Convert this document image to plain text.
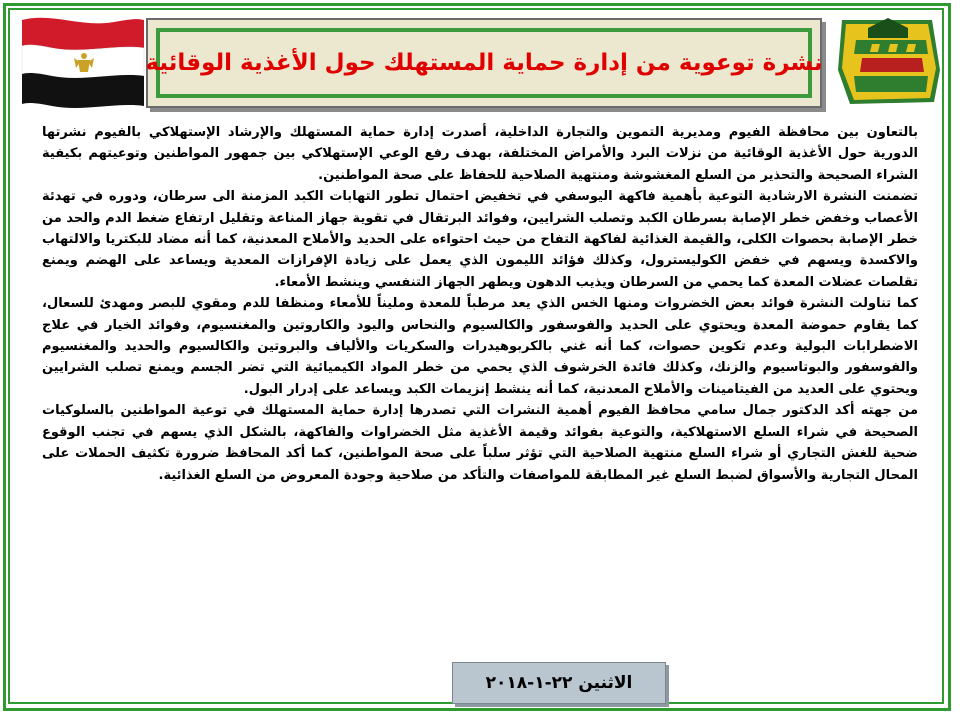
نشرة توعوية من إدارة حماية المستهلك حول الأغذية الوقائية

بالتعاون بين محافظة الفيوم ومديرية التموين والتجارة الداخلية، أصدرت إدارة حماية المستهلك والإرشاد الإستهلاكي بالفيوم نشرتها الدورية حول الأغذية الوقائية من نزلات البرد والأمراض المختلفة، بهدف رفع الوعي الإستهلاكي بين جمهور المواطنين وتوعيتهم بكيفية الشراء الصحيحة والتحذير من السلع المغشوشة ومنتهية الصلاحية للحفاظ على صحة المواطنين.

تضمنت النشرة الارشادية التوعية بأهمية فاكهة اليوسفي في تخفيض احتمال تطور التهابات الكبد المزمنة الى سرطان، ودوره في تهدئة الأعصاب وخفض خطر الإصابة بسرطان الكبد وتصلب الشرايين، وفوائد البرتقال في تقوية جهاز المناعة وتقليل ارتفاع ضغط الدم والحد من خطر الإصابة بحصوات الكلى، والقيمة الغذائية لفاكهة التفاح من حيث احتواءه على الحديد والأملاح المعدنية، كما أنه مضاد للبكتريا والالتهاب والاكسدة ويسهم في خفض الكوليسترول، وكذلك فؤائد الليمون الذي يعمل على زيادة الإفرازات المعدية ويساعد على الهضم ويمنع تقلصات عضلات المعدة كما يحمي من السرطان ويذيب الدهون ويطهر الجهاز التنفسي وينشط الأمعاء.

كما تناولت النشرة فوائد بعض الخضروات ومنها الخس الذي يعد مرطباً للمعدة ومليناً للأمعاء ومنظفا للدم ومقوي للبصر ومهدئ للسعال، كما يقاوم حموضة المعدة ويحتوي على الحديد والفوسفور والكالسيوم والنحاس واليود والكاروتين والمغنسيوم، وفوائد الخيار في علاج الاضطرابات البولية وعدم تكوين حصوات، كما أنه غني بالكربوهيدرات والسكريات والألياف والبروتين والكالسيوم والحديد والمغنسيوم والفوسفور والبوتاسيوم والزنك، وكذلك فائدة الخرشوف الذي يحمي من خطر المواد الكيميائية التي تضر الجسم ويمنع تصلب الشرايين ويحتوي على العديد من الفيتامينات والأملاح المعدنية، كما أنه ينشط إنزيمات الكبد ويساعد على إدرار البول.

من جهته أكد الدكتور جمال سامي محافظ الفيوم أهمية النشرات التي تصدرها إدارة حماية المستهلك في توعية المواطنين بالسلوكيات الصحيحة في شراء السلع الاستهلاكية، والتوعية بفوائد وقيمة الأغذية مثل الخضراوات والفاكهة، بالشكل الذي يسهم في تجنب الوقوع ضحية للغش التجاري أو شراء السلع منتهية الصلاحية التي تؤثر سلباً على صحة المواطنين، كما أكد المحافظ ضرورة تكثيف الحملات على المحال التجارية والأسواق لضبط السلع غير المطابقة للمواصفات والتأكد من صلاحية وجودة المعروض من السلع الغذائية.

الاثنين ٢٢-١-٢٠١٨
